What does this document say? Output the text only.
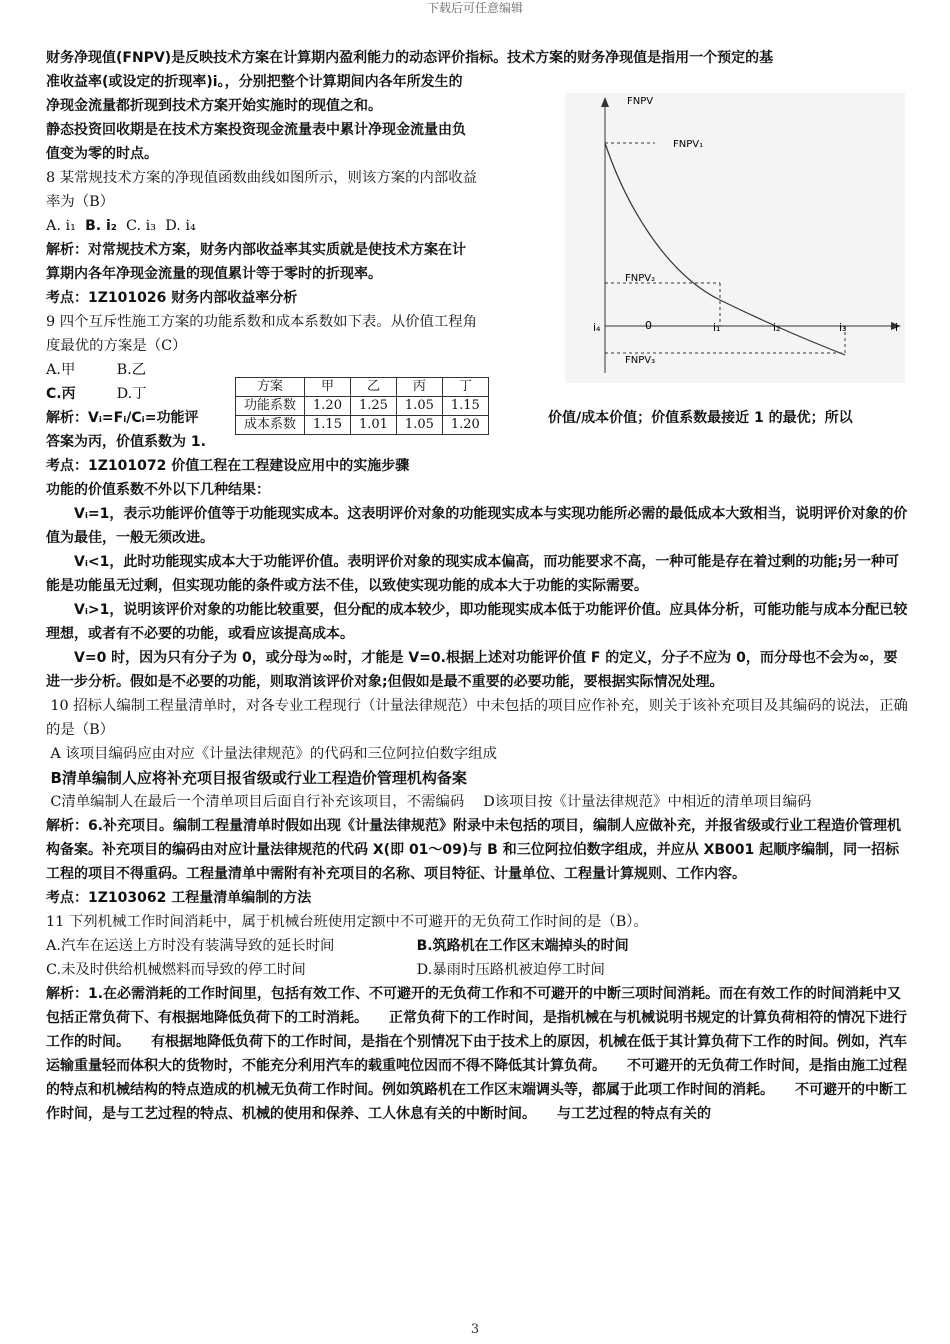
下载后可任意编辑

财务净现值(FNPV)是反映技术方案在计算期内盈利能力的动态评价指标。技术方案的财务净现值是指用一个预定的基

准收益率(或设定的折现率)i。，分别把整个计算期间内各年所发生的

净现金流量都折现到技术方案开始实施时的现值之和。

静态投资回收期是在技术方案投资现金流量表中累计净现金流量由负

值变为零的时点。

8 某常规技术方案的净现值函数曲线如图所示，则该方案的内部收益

率为（B）

A. i₁ B. i₂ C. i₃ D. i₄

解析：对常规技术方案，财务内部收益率其实质就是使技术方案在计

算期内各年净现金流量的现值累计等于零时的折现率。

考点：1Z101026 财务内部收益率分析

9 四个互斥性施工方案的功能系数和成本系数如下表。从价值工程角

度最优的方案是（C）

A.甲	B.乙

C.丙	D.丁

解析：Vᵢ=Fᵢ/Cᵢ=功能评	价值/成本价值；价值系数最接近 1 的最优；所以

答案为丙，价值系数为 1.

考点：1Z101072 价值工程在工程建设应用中的实施步骤

功能的价值系数不外以下几种结果：

Vᵢ=1，表示功能评价值等于功能现实成本。这表明评价对象的功能现实成本与实现功能所必需的最低成本大致相当，说明评价对象的价值为最佳，一般无须改进。

Vᵢ<1，此时功能现实成本大于功能评价值。表明评价对象的现实成本偏高，而功能要求不高，一种可能是存在着过剩的功能;另一种可能是功能虽无过剩，但实现功能的条件或方法不佳，以致使实现功能的成本大于功能的实际需要。

Vᵢ>1，说明该评价对象的功能比较重要，但分配的成本较少，即功能现实成本低于功能评价值。应具体分析，可能功能与成本分配已较理想，或者有不必要的功能，或看应该提高成本。

V=0 时，因为只有分子为 0，或分母为∞时，才能是 V=0.根据上述对功能评价值 F 的定义，分子不应为 0，而分母也不会为∞，要进一步分析。假如是不必要的功能，则取消该评价对象;但假如是最不重要的必要功能，要根据实际情况处理。

10 招标人编制工程量清单时，对各专业工程现行（计量法律规范）中未包括的项目应作补充，则关于该补充项目及其编码的说法，正确的是（B）

A 该项目编码应由对应《计量法律规范》的代码和三位阿拉伯数字组成

B清单编制人应将补充项目报省级或行业工程造价管理机构备案

C清单编制人在最后一个清单项目后面自行补充该项目，不需编码　 D该项目按《计量法律规范》中相近的清单项目编码

解析：6.补充项目。编制工程量清单时假如出现《计量法律规范》附录中未包括的项目，编制人应做补充，并报省级或行业工程造价管理机构备案。补充项目的编码由对应计量法律规范的代码 X(即 01～09)与 B 和三位阿拉伯数字组成，并应从 XB001 起顺序编制，同一招标工程的项目不得重码。工程量清单中需附有补充项目的名称、项目特征、计量单位、工程量计算规则、工作内容。

考点：1Z103062 工程量清单编制的方法

11 下列机械工作时间消耗中，属于机械台班使用定额中不可避开的无负荷工作时间的是（B）。

A.汽车在运送上方时没有装满导致的延长时间	B.筑路机在工作区末端掉头的时间

C.未及时供给机械燃料而导致的停工时间	D.暴雨时压路机被迫停工时间

解析：1.在必需消耗的工作时间里，包括有效工作、不可避开的无负荷工作和不可避开的中断三项时间消耗。而在有效工作的时间消耗中又包括正常负荷下、有根据地降低负荷下的工时消耗。　　正常负荷下的工作时间，是指机械在与机械说明书规定的计算负荷相符的情况下进行工作的时间。　　有根据地降低负荷下的工作时间，是指在个别情况下由于技术上的原因，机械在低于其计算负荷下工作的时间。例如，汽车运输重量轻而体积大的货物时，不能充分利用汽车的载重吨位因而不得不降低其计算负荷。　　不可避开的无负荷工作时间，是指由施工过程的特点和机械结构的特点造成的机械无负荷工作时间。例如筑路机在工作区末端调头等，都属于此项工作时间的消耗。　　不可避开的中断工作时间，是与工艺过程的特点、机械的使用和保养、工人休息有关的中断时间。　　与工艺过程的特点有关的

方案	甲	乙	丙	丁
功能系数	1.20	1.25	1.05	1.15
成本系数	1.15	1.01	1.05	1.20
FNPV
FNPV₁
FNPV₂
FNPV₃
0
i₄	i₁	i₂	i₃	i
3
